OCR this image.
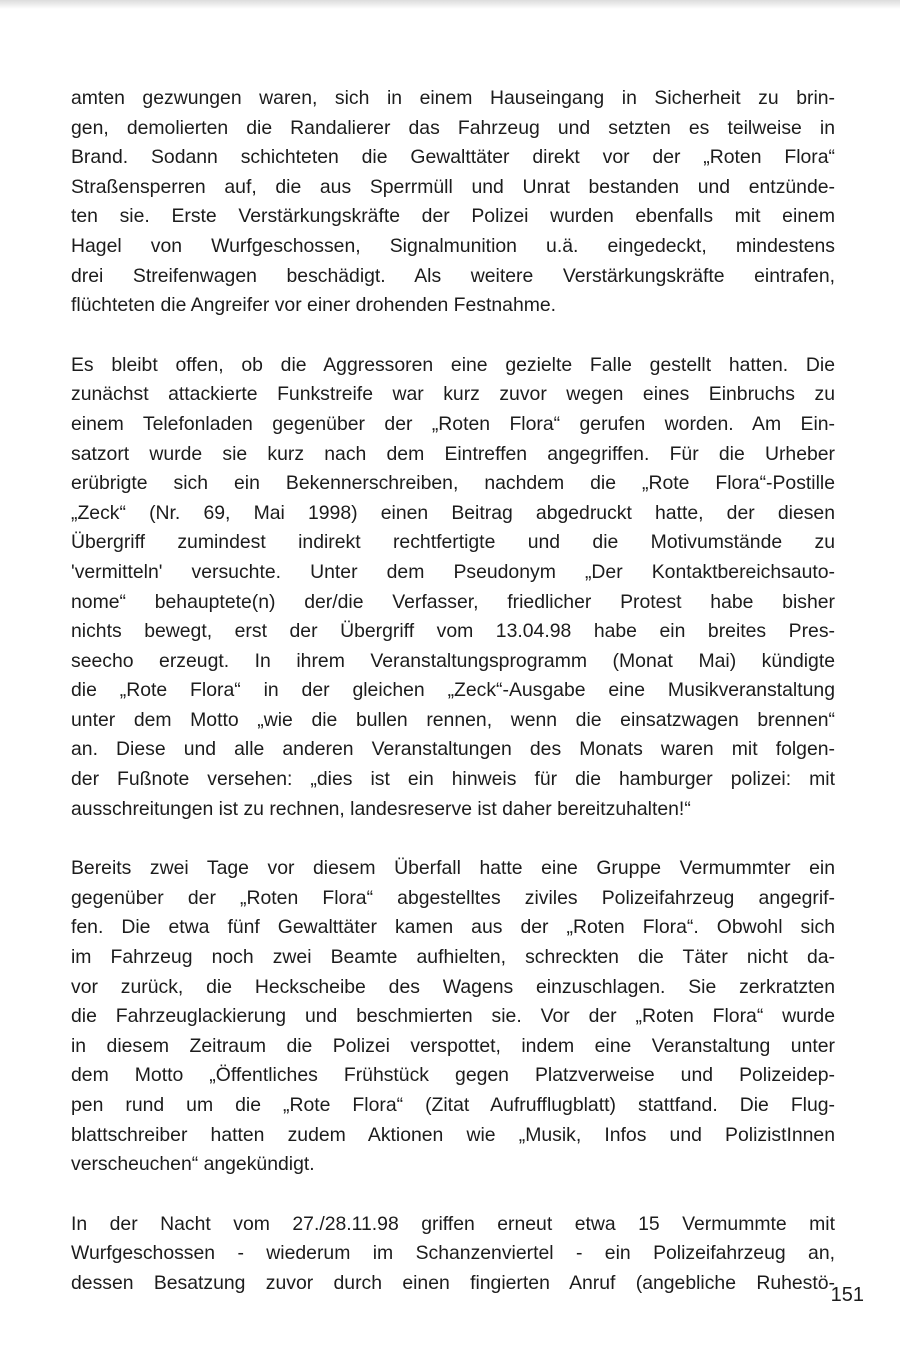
amten gezwungen waren, sich in einem Hauseingang in Sicherheit zu brin-
gen, demolierten die Randalierer das Fahrzeug und setzten es teilweise in
Brand. Sodann schichteten die Gewalttäter direkt vor der „Roten Flora“
Straßensperren auf, die aus Sperrmüll und Unrat bestanden und entzünde-
ten sie. Erste Verstärkungskräfte der Polizei wurden ebenfalls mit einem
Hagel von Wurfgeschossen, Signalmunition u.ä. eingedeckt, mindestens
drei Streifenwagen beschädigt. Als weitere Verstärkungskräfte eintrafen,
flüchteten die Angreifer vor einer drohenden Festnahme.

Es bleibt offen, ob die Aggressoren eine gezielte Falle gestellt hatten. Die
zunächst attackierte Funkstreife war kurz zuvor wegen eines Einbruchs zu
einem Telefonladen gegenüber der „Roten Flora“ gerufen worden. Am Ein-
satzort wurde sie kurz nach dem Eintreffen angegriffen. Für die Urheber
erübrigte sich ein Bekennerschreiben, nachdem die „Rote Flora“-Postille
„Zeck“ (Nr. 69, Mai 1998) einen Beitrag abgedruckt hatte, der diesen
Übergriff zumindest indirekt rechtfertigte und die Motivumstände zu
'vermitteln' versuchte. Unter dem Pseudonym „Der Kontaktbereichsauto-
nome“ behauptete(n) der/die Verfasser, friedlicher Protest habe bisher
nichts bewegt, erst der Übergriff vom 13.04.98 habe ein breites Pres-
seecho erzeugt. In ihrem Veranstaltungsprogramm (Monat Mai) kündigte
die „Rote Flora“ in der gleichen „Zeck“-Ausgabe eine Musikveranstaltung
unter dem Motto „wie die bullen rennen, wenn die einsatzwagen brennen“
an. Diese und alle anderen Veranstaltungen des Monats waren mit folgen-
der Fußnote versehen: „dies ist ein hinweis für die hamburger polizei: mit
ausschreitungen ist zu rechnen, landesreserve ist daher bereitzuhalten!“

Bereits zwei Tage vor diesem Überfall hatte eine Gruppe Vermummter ein
gegenüber der „Roten Flora“ abgestelltes ziviles Polizeifahrzeug angegrif-
fen. Die etwa fünf Gewalttäter kamen aus der „Roten Flora“. Obwohl sich
im Fahrzeug noch zwei Beamte aufhielten, schreckten die Täter nicht da-
vor zurück, die Heckscheibe des Wagens einzuschlagen. Sie zerkratzten
die Fahrzeuglackierung und beschmierten sie. Vor der „Roten Flora“ wurde
in diesem Zeitraum die Polizei verspottet, indem eine Veranstaltung unter
dem Motto „Öffentliches Frühstück gegen Platzverweise und Polizeidep-
pen rund um die „Rote Flora“ (Zitat Aufrufflugblatt) stattfand. Die Flug-
blattschreiber hatten zudem Aktionen wie „Musik, Infos und PolizistInnen
verscheuchen“ angekündigt.

In der Nacht vom 27./28.11.98 griffen erneut etwa 15 Vermummte mit
Wurfgeschossen - wiederum im Schanzenviertel - ein Polizeifahrzeug an,
dessen Besatzung zuvor durch einen fingierten Anruf (angebliche Ruhestö-

151
